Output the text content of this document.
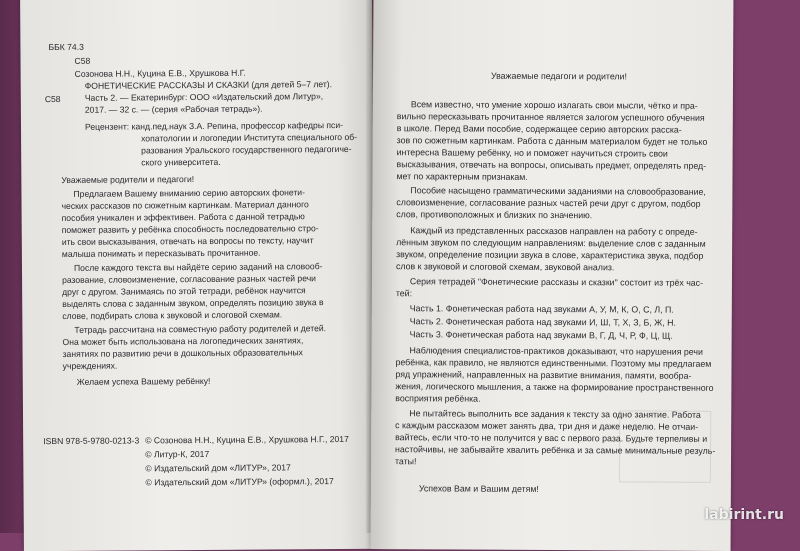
ББК 74.3
С58
С58
Созонова Н.Н., Куцина Е.В., Хрушкова Н.Г.
ФОНЕТИЧЕСКИЕ РАССКАЗЫ И СКАЗКИ (для детей 5–7 лет).
Часть 2. — Екатеринбург: ООО «Издательский дом Литур»,
2017. — 32 с. — (серия «Рабочая тетрадь»).
Рецензент: канд.пед.наук З.А. Репина, профессор кафедры пси-
хопатологии и логопедии Института специального об-
разования Уральского государственного педагогиче-
ского университета.
Уважаемые родители и педагоги!
Предлагаем Вашему вниманию серию авторских фонети-
ческих рассказов по сюжетным картинкам. Материал данного
пособия уникален и эффективен. Работа с данной тетрадью
поможет развить у ребёнка способность последовательно стро-
ить свои высказывания, отвечать на вопросы по тексту, научит
малыша понимать и пересказывать прочитанное.
После каждого текста вы найдёте серию заданий на словооб-
разование, словоизменение, согласование разных частей речи
друг с другом. Занимаясь по этой тетради, ребёнок научится
выделять слова с заданным звуком, определять позицию звука в
слове, подбирать слова к звуковой и слоговой схемам.
Тетрадь рассчитана на совместную работу родителей и детей.
Она может быть использована на логопедических занятиях,
занятиях по развитию речи в дошкольных образовательных
учреждениях.
Желаем успеха Вашему ребёнку!
ISBN 978-5-9780-0213-3 © Созонова Н.Н., Куцина Е.В., Хрушкова Н.Г., 2017
© Литур-К, 2017
© Издательский дом «ЛИТУР», 2017
© Издательский дом «ЛИТУР» (оформл.), 2017
Уважаемые педагоги и родители!
Всем известно, что умение хорошо излагать свои мысли, чётко и пра-
вильно пересказывать прочитанное является залогом успешного обучения
в школе. Перед Вами пособие, содержащее серию авторских расска-
зов по сюжетным картинкам. Работа с данным материалом будет не только
интересна Вашему ребёнку, но и поможет научиться строить свои
высказывания, отвечать на вопросы, описывать предмет, определять пред-
мет по характерным признакам.
Пособие насыщено грамматическими заданиями на словообразование,
словоизменение, согласование разных частей речи друг с другом, подбор
слов, противоположных и близких по значению.
Каждый из представленных рассказов направлен на работу с опреде-
лённым звуком по следующим направлениям: выделение слов с заданным
звуком, определение позиции звука в слове, характеристика звука, подбор
слов к звуковой и слоговой схемам, звуковой анализ.
Серия тетрадей "Фонетические рассказы и сказки" состоит из трёх час-
тей:
Часть 1. Фонетическая работа над звуками А, У, М, К, О, С, Л, П.
Часть 2. Фонетическая работа над звуками И, Ш, Т, Х, З, Б, Ж, Н.
Часть 3. Фонетическая работа над звуками В, Г, Д, Ч, Р, Ф, Ц, Щ.
Наблюдения специалистов-практиков доказывают, что нарушения речи
ребёнка, как правило, не являются единственными. Поэтому мы предлагаем
ряд упражнений, направленных на развитие внимания, памяти, вообра-
жения, логического мышления, а также на формирование пространственного
восприятия ребёнка.
Не пытайтесь выполнить все задания к тексту за одно занятие. Работа
с каждым рассказом может занять два, три дня и даже неделю. Не отчаи-
вайтесь, если что-то не получится у вас с первого раза. Будьте терпеливы и
настойчивы, не забывайте хвалить ребёнка и за самые минимальные резуль-
таты!
Успехов Вам и Вашим детям!
labirint.ru
